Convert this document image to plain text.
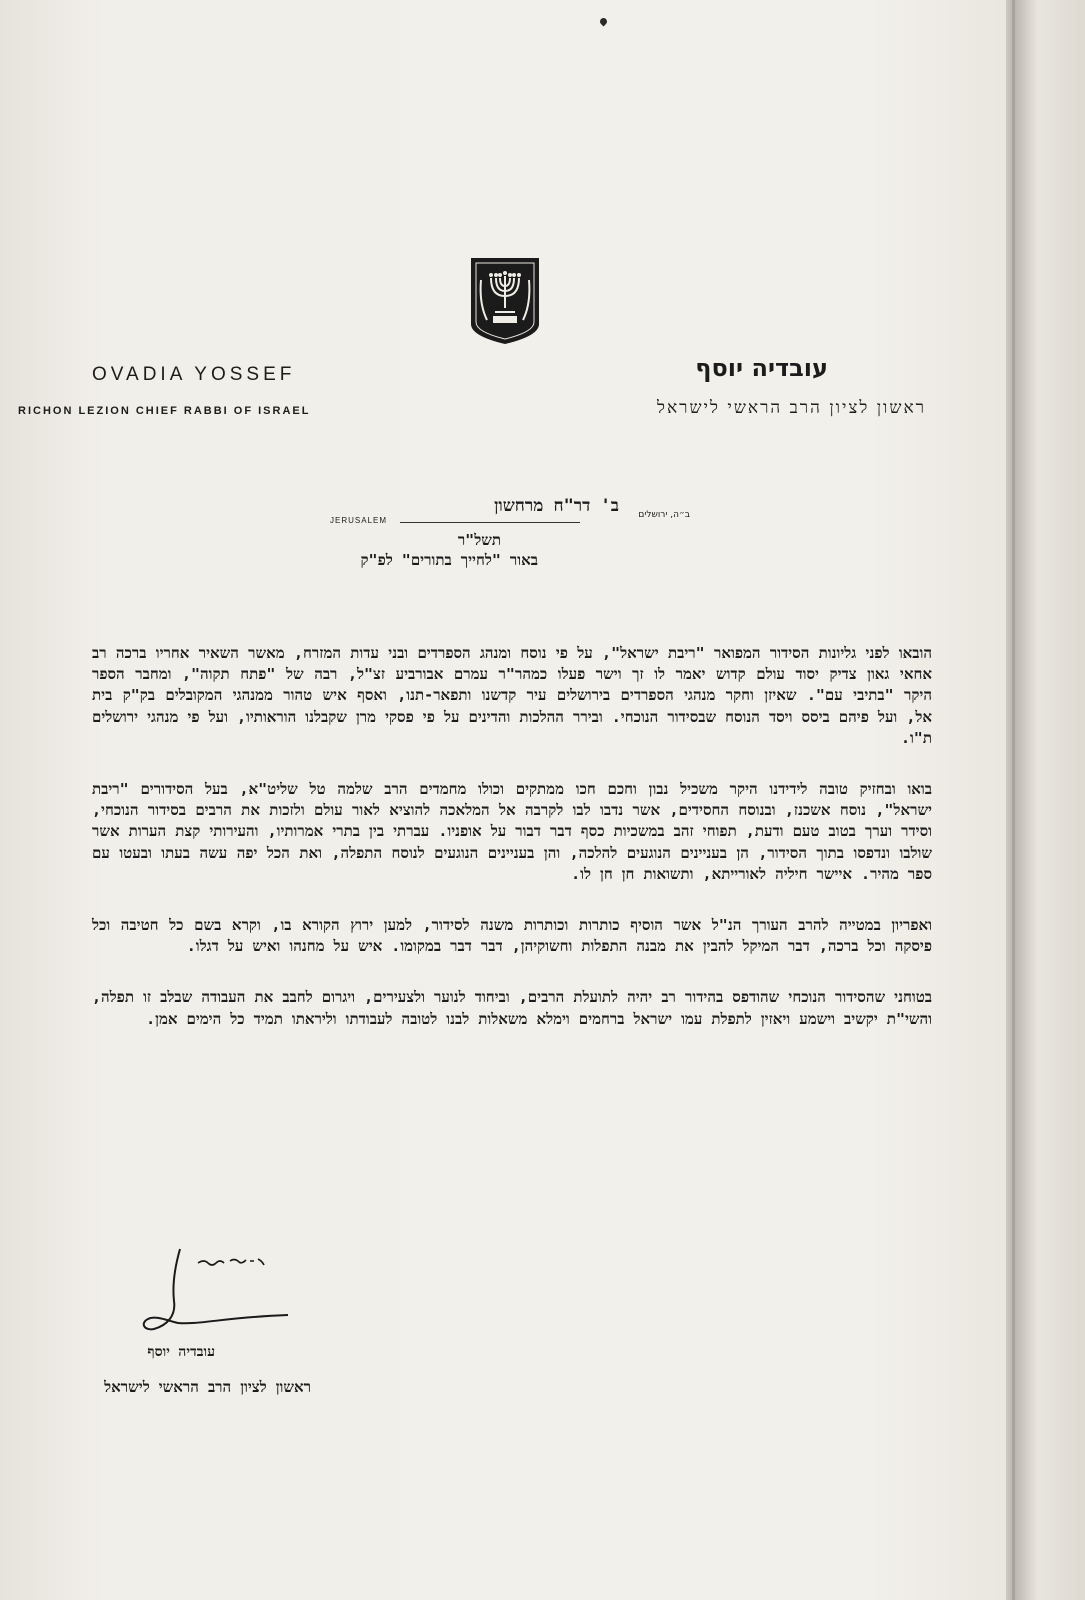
OVADIA YOSSEF
RICHON LEZION CHIEF RABBI OF ISRAEL
עובדיה יוסף
ראשון לציון הרב הראשי לישראל
ב' דר"ח מרחשון ב״ה, ירושלים
JERUSALEM
תשל"ר
באור "לחייך בתורים" לפ"ק

הובאו לפני גליונות הסידור המפואר "ריבת ישראל", על פי נוסח ומנהג הספרדים ובני עדות המזרח, מאשר השאיר אחריו ברכה רב אחאי גאון צדיק יסוד עולם קדוש יאמר לו זך וישר פעלו כמהר"ר עמרם אבורביע זצ"ל, רבה של "פתח תקוה", ומחבר הספר היקר "בתיבי עם". שאיזן וחקר מנהגי הספרדים בירושלים עיר קדשנו ותפאר-תנו, ואסף איש טהור ממנהגי המקובלים בק"ק בית אל, ועל פיהם ביסס ויסד הנוסח שבסידור הנוכחי. ובירר ההלכות והדינים על פי פסקי מרן שקבלנו הוראותיו, ועל פי מנהגי ירושלים ת"ו.

בואו ובחזיק טובה לידידנו היקר משכיל נבון וחכם חכו ממתקים וכולו מחמדים הרב שלמה טל שליט"א, בעל הסידורים "ריבת ישראל", נוסח אשכנז, ובנוסח החסידים, אשר נדבו לבו לקרבה אל המלאכה להוציא לאור עולם ולזכות את הרבים בסידור הנוכחי, וסידר וערך בטוב טעם ודעת, תפוחי זהב במשכיות כסף דבר דבור על אופניו. עברתי בין בתרי אמרותיו, והעירותי קצת הערות אשר שולבו ונדפסו בתוך הסידור, הן בעניינים הנוגעים להלכה, והן בעניינים הנוגעים לנוסח התפלה, ואת הכל יפה עשה בעתו ובעטו עם ספר מהיר. איישר חיליה לאורייתא, ותשואות חן חן לו.

ואפריון במטייה להרב העורך הנ"ל אשר הוסיף כותרות וכותרות משנה לסידור, למען ירוץ הקורא בו, וקרא בשם כל חטיבה וכל פיסקה וכל ברכה, דבר המיקל להבין את מבנה התפלות וחשוקיהן, דבר דבר במקומו. איש על מחנהו ואיש על דגלו.

בטוחני שהסידור הנוכחי שהודפס בהידור רב יהיה לתועלת הרבים, וביחוד לנוער ולצעירים, ויגרום לחבב את העבודה שבלב זו תפלה, והשי"ת יקשיב וישמע ויאזין לתפלת עמו ישראל ברחמים וימלא משאלות לבנו לטובה לעבודתו וליראתו תמיד כל הימים אמן.

עובדיה יוסף
ראשון לציון הרב הראשי לישראל
